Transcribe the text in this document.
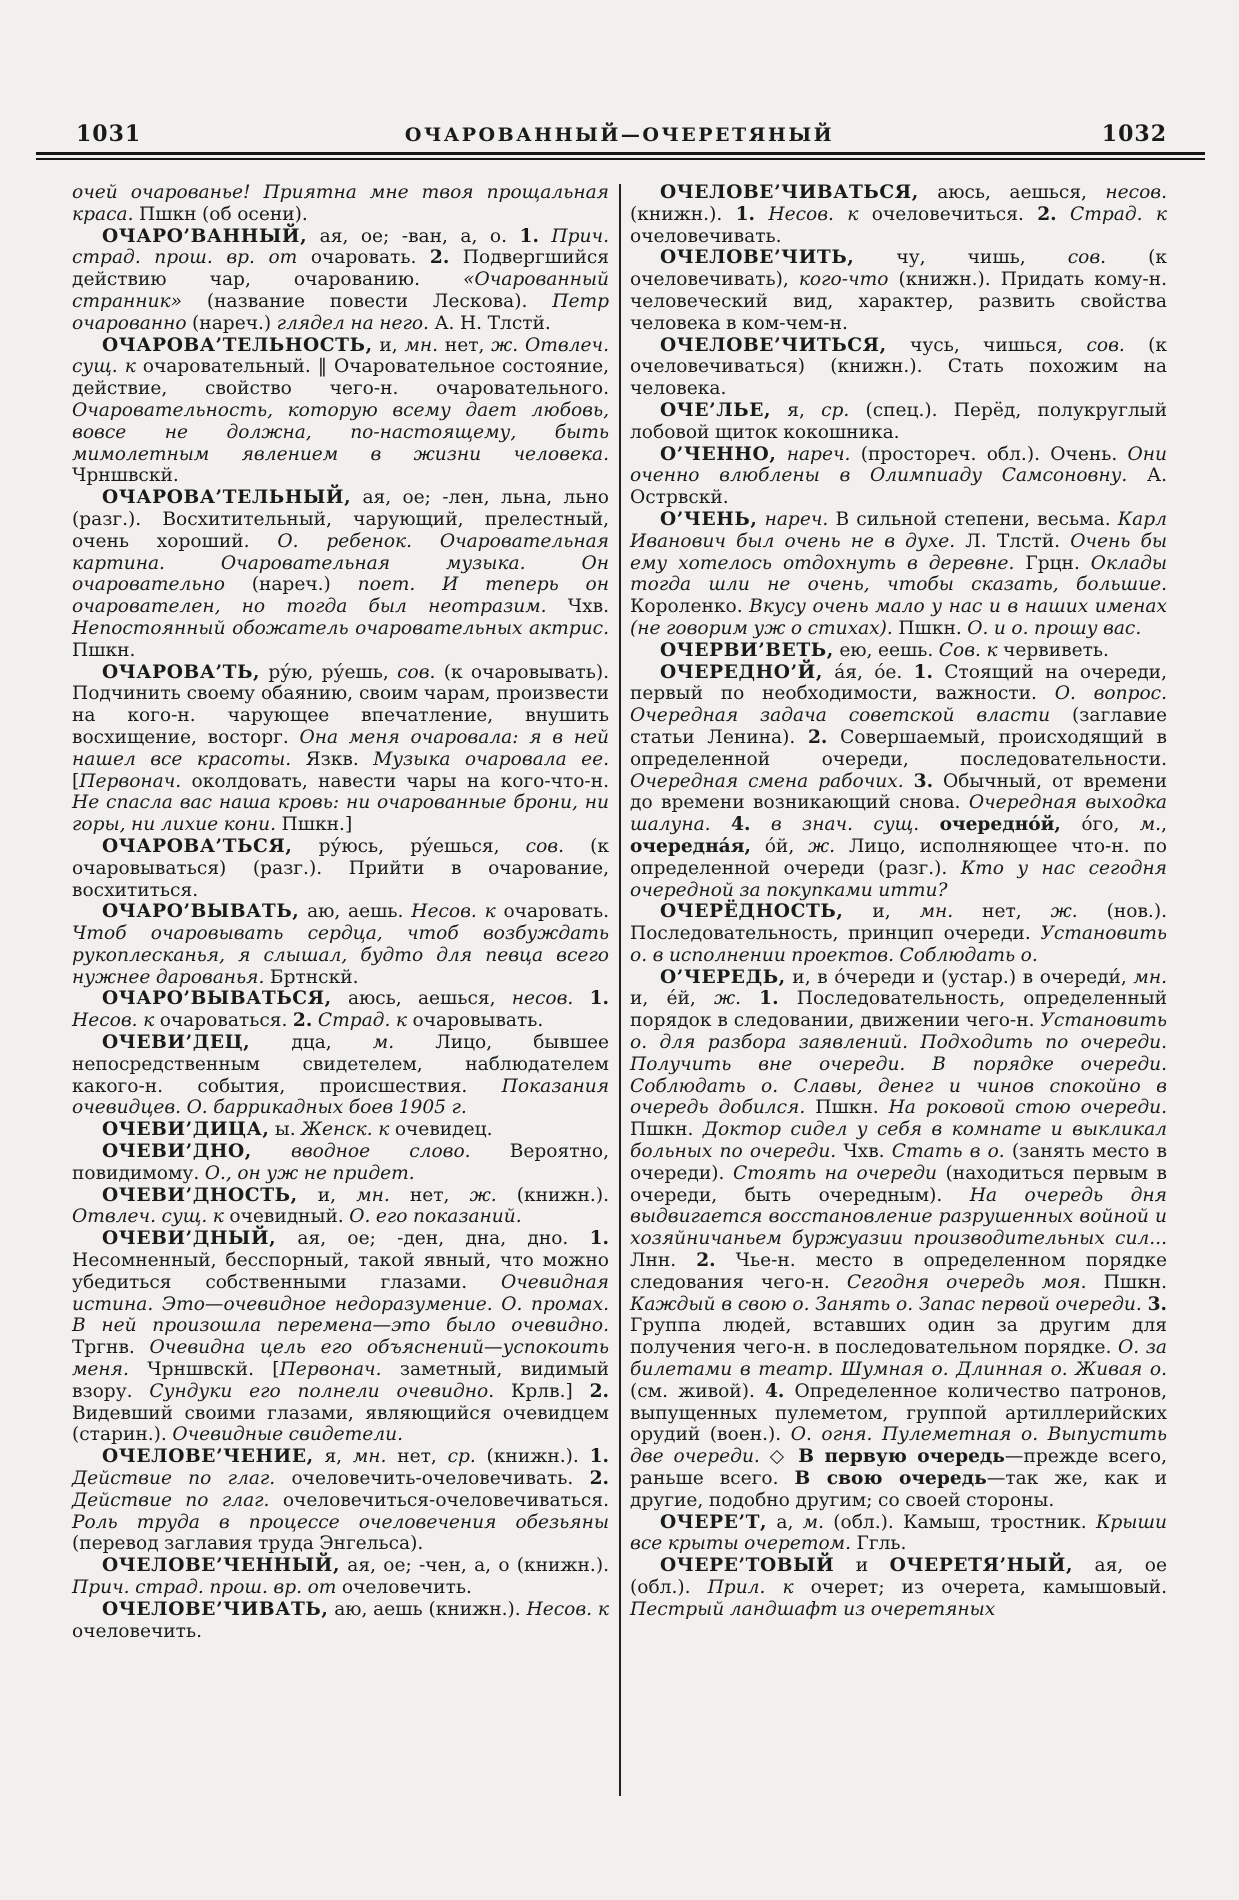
1031	ОЧАРОВАННЫЙ—ОЧЕРЕТЯНЫЙ	1032

очей очарованье! Приятна мне твоя прощальная краса. Пшкн (об осени).

ОЧАРО’ВАННЫЙ, ая, ое; -ван, а, о. 1. Прич. страд. прош. вр. от очаровать. 2. Подвергшийся действию чар, очарованию. «Очарованный странник» (название повести Лескова). Петр очарованно (нареч.) глядел на него. А. Н. Тлстй.

ОЧАРОВА’ТЕЛЬНОСТЬ, и, мн. нет, ж. Отвлеч. сущ. к очаровательный. ‖ Очаровательное состояние, действие, свойство чего-н. очаровательного. Очаровательность, которую всему дает любовь, вовсе не должна, по-настоящему, быть мимолетным явлением в жизни человека. Чрншвскй.

ОЧАРОВА’ТЕЛЬНЫЙ, ая, ое; -лен, льна, льно (разг.). Восхитительный, чарующий, прелестный, очень хороший. О. ребенок. Очаровательная картина. Очаровательная музыка. Он очаровательно (нареч.) поет. И теперь он очарователен, но тогда был неотразим. Чхв. Непостоянный обожатель очаровательных актрис. Пшкн.

ОЧАРОВА’ТЬ, ру́ю, ру́ешь, сов. (к очаровывать). Подчинить своему обаянию, своим чарам, произвести на кого-н. чарующее впечатление, внушить восхищение, восторг. Она меня очаровала: я в ней нашел все красоты. Язкв. Музыка очаровала ее. [Первонач. околдовать, навести чары на кого-что-н. Не спасла вас наша кровь: ни очарованные брони, ни горы, ни лихие кони. Пшкн.]

ОЧАРОВА’ТЬСЯ, ру́юсь, ру́ешься, сов. (к очаровываться) (разг.). Прийти в очарование, восхититься.

ОЧАРО’ВЫВАТЬ, аю, аешь. Несов. к очаровать. Чтоб очаровывать сердца, чтоб возбуждать рукоплесканья, я слышал, будто для певца всего нужнее дарованья. Бртнскй.

ОЧАРО’ВЫВАТЬСЯ, аюсь, аешься, несов. 1. Несов. к очароваться. 2. Страд. к очаровывать.

ОЧЕВИ’ДЕЦ, дца, м. Лицо, бывшее непосредственным свидетелем, наблюдателем какого-н. события, происшествия. Показания очевидцев. О. баррикадных боев 1905 г.

ОЧЕВИ’ДИЦА, ы. Женск. к очевидец.

ОЧЕВИ’ДНО, вводное слово. Вероятно, повидимому. О., он уж не придет.

ОЧЕВИ’ДНОСТЬ, и, мн. нет, ж. (книжн.). Отвлеч. сущ. к очевидный. О. его показаний.

ОЧЕВИ’ДНЫЙ, ая, ое; -ден, дна, дно. 1. Несомненный, бесспорный, такой явный, что можно убедиться собственными глазами. Очевидная истина. Это—очевидное недоразумение. О. промах. В ней произошла перемена—это было очевидно. Тргнв. Очевидна цель его объяснений—успокоить меня. Чрншвскй. [Первонач. заметный, видимый взору. Сундуки его полнели очевидно. Крлв.] 2. Видевший своими глазами, являющийся очевидцем (старин.). Очевидные свидетели.

ОЧЕЛОВЕ’ЧЕНИЕ, я, мн. нет, ср. (книжн.). 1. Действие по глаг. очеловечить-очеловечивать. 2. Действие по глаг. очеловечиться-очеловечиваться. Роль труда в процессе очеловечения обезьяны (перевод заглавия труда Энгельса).

ОЧЕЛОВЕ’ЧЕННЫЙ, ая, ое; -чен, а, о (книжн.). Прич. страд. прош. вр. от очеловечить.

ОЧЕЛОВЕ’ЧИВАТЬ, аю, аешь (книжн.). Несов. к очеловечить.

ОЧЕЛОВЕ’ЧИВАТЬСЯ, аюсь, аешься, несов. (книжн.). 1. Несов. к очеловечиться. 2. Страд. к очеловечивать.

ОЧЕЛОВЕ’ЧИТЬ, чу, чишь, сов. (к очеловечивать), кого-что (книжн.). Придать кому-н. человеческий вид, характер, развить свойства человека в ком-чем-н.

ОЧЕЛОВЕ’ЧИТЬСЯ, чусь, чишься, сов. (к очеловечиваться) (книжн.). Стать похожим на человека.

ОЧЕ’ЛЬЕ, я, ср. (спец.). Перёд, полукруглый лобовой щиток кокошника.

О’ЧЕННО, нареч. (простореч. обл.). Очень. Они оченно влюблены в Олимпиаду Самсоновну. А. Острвскй.

О’ЧЕНЬ, нареч. В сильной степени, весьма. Карл Иванович был очень не в духе. Л. Тлстй. Очень бы ему хотелось отдохнуть в деревне. Грцн. Оклады тогда шли не очень, чтобы сказать, большие. Короленко. Вкусу очень мало у нас и в наших именах (не говорим уж о стихах). Пшкн. О. и о. прошу вас.

ОЧЕРВИ’ВЕТЬ, ею, еешь. Сов. к червиветь.

ОЧЕРЕДНО’Й, а́я, о́е. 1. Стоящий на очереди, первый по необходимости, важности. О. вопрос. Очередная задача советской власти (заглавие статьи Ленина). 2. Совершаемый, происходящий в определенной очереди, последовательности. Очередная смена рабочих. 3. Обычный, от времени до времени возникающий снова. Очередная выходка шалуна. 4. в знач. сущ. очередно́й, о́го, м., очередна́я, о́й, ж. Лицо, исполняющее что-н. по определенной очереди (разг.). Кто у нас сегодня очередной за покупками итти?

ОЧЕРЁДНОСТЬ, и, мн. нет, ж. (нов.). Последовательность, принцип очереди. Установить о. в исполнении проектов. Соблюдать о.

О’ЧЕРЕДЬ, и, в о́череди и (устар.) в очереди́, мн. и, е́й, ж. 1. Последовательность, определенный порядок в следовании, движении чего-н. Установить о. для разбора заявлений. Подходить по очереди. Получить вне очереди. В порядке очереди. Соблюдать о. Славы, денег и чинов спокойно в очередь добился. Пшкн. На роковой стою очереди. Пшкн. Доктор сидел у себя в комнате и выкликал больных по очереди. Чхв. Стать в о. (занять место в очереди). Стоять на очереди (находиться первым в очереди, быть очередным). На очередь дня выдвигается восстановление разрушенных войной и хозяйничаньем буржуазии производительных сил... Лнн. 2. Чье-н. место в определенном порядке следования чего-н. Сегодня очередь моя. Пшкн. Каждый в свою о. Занять о. Запас первой очереди. 3. Группа людей, вставших один за другим для получения чего-н. в последовательном порядке. О. за билетами в театр. Шумная о. Длинная о. Живая о. (см. живой). 4. Определенное количество патронов, выпущенных пулеметом, группой артиллерийских орудий (воен.). О. огня. Пулеметная о. Выпустить две очереди. ◇ В первую очередь—прежде всего, раньше всего. В свою очередь—так же, как и другие, подобно другим; со своей стороны.

ОЧЕРЕ’Т, а, м. (обл.). Камыш, тростник. Крыши все крыты очеретом. Ггль.

ОЧЕРЕ’ТОВЫЙ и ОЧЕРЕТЯ’НЫЙ, ая, ое (обл.). Прил. к очерет; из очерета, камышовый. Пестрый ландшафт из очеретяных
